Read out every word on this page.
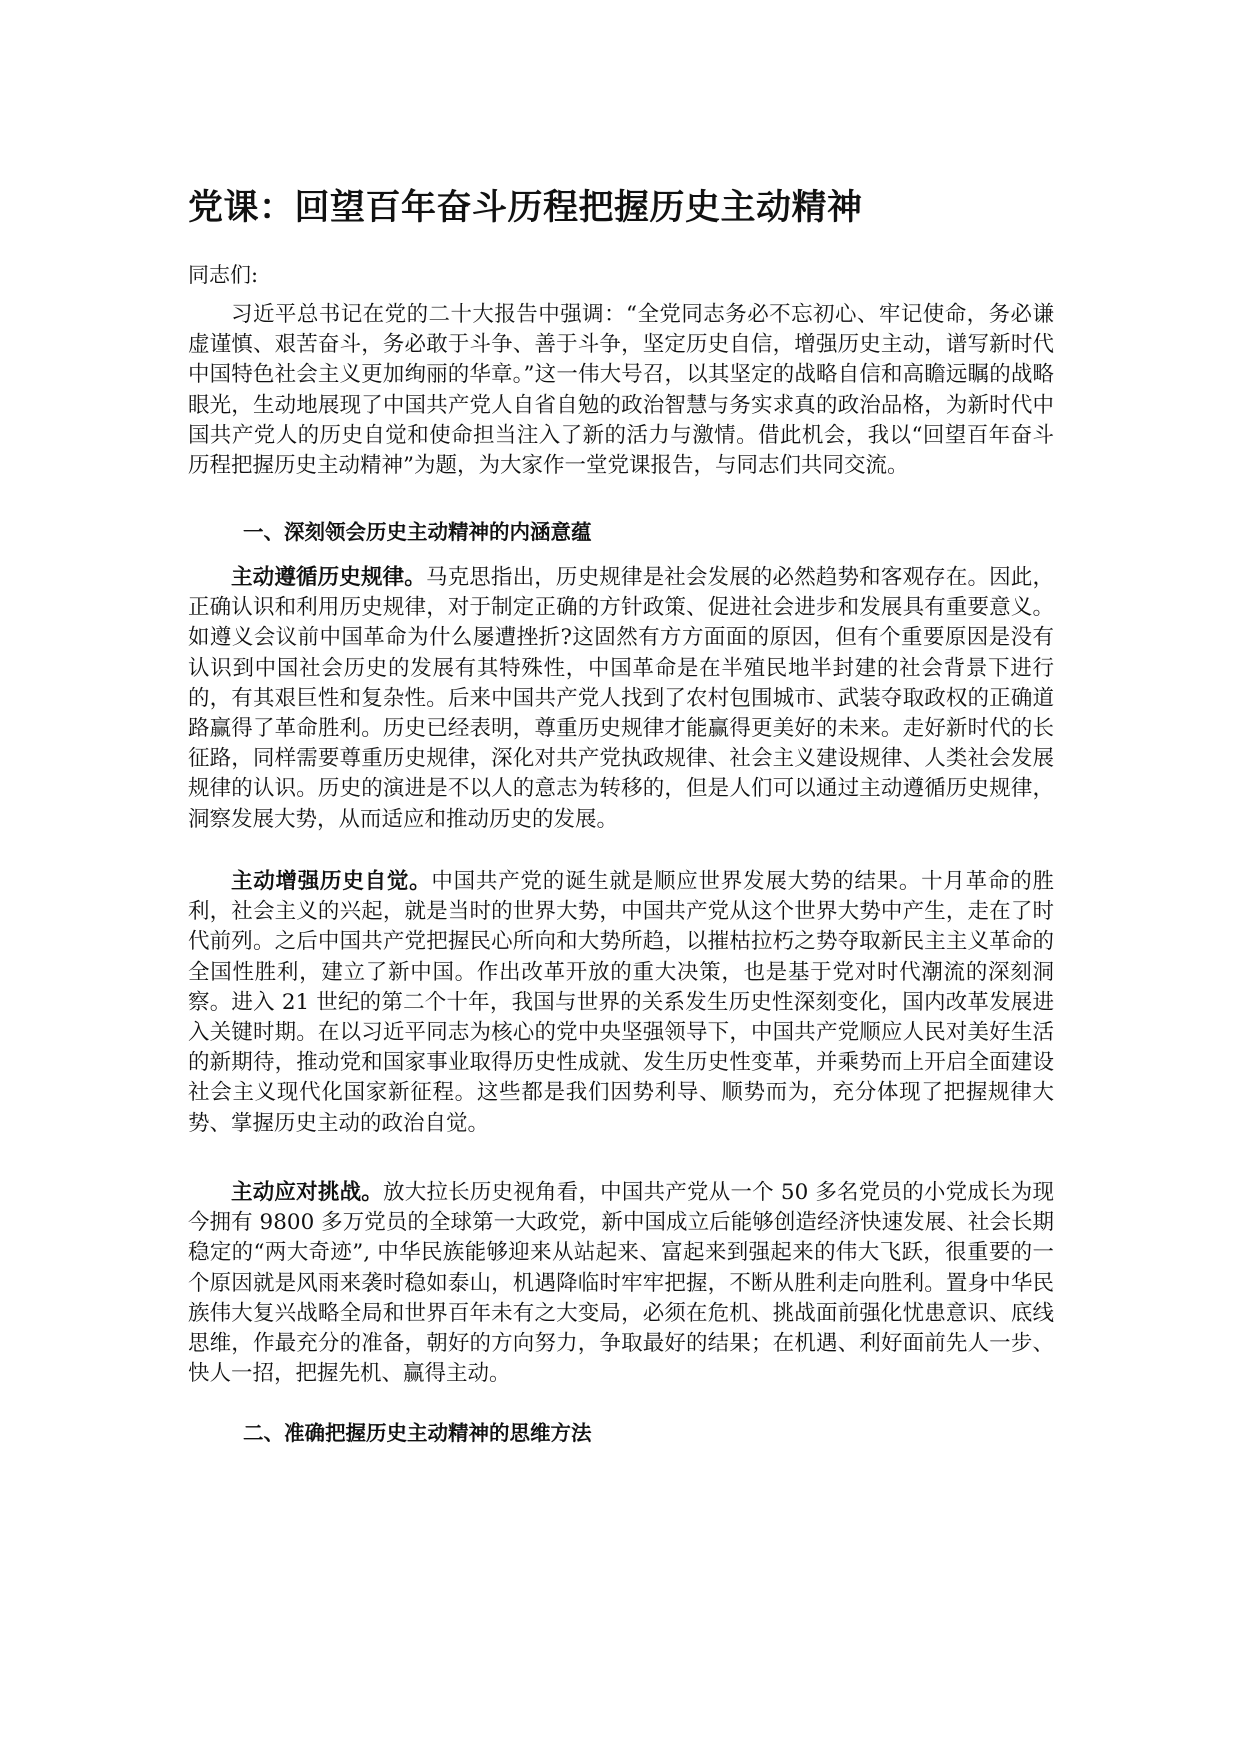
党课：回望百年奋斗历程把握历史主动精神

同志们:

习近平总书记在党的二十大报告中强调：“全党同志务必不忘初心、牢记使命，务必谦虚谨慎、艰苦奋斗，务必敢于斗争、善于斗争，坚定历史自信，增强历史主动，谱写新时代中国特色社会主义更加绚丽的华章。”这一伟大号召，以其坚定的战略自信和高瞻远瞩的战略眼光，生动地展现了中国共产党人自省自勉的政治智慧与务实求真的政治品格，为新时代中国共产党人的历史自觉和使命担当注入了新的活力与激情。借此机会，我以“回望百年奋斗历程把握历史主动精神”为题，为大家作一堂党课报告，与同志们共同交流。

一、深刻领会历史主动精神的内涵意蕴

主动遵循历史规律。马克思指出，历史规律是社会发展的必然趋势和客观存在。因此，正确认识和利用历史规律，对于制定正确的方针政策、促进社会进步和发展具有重要意义。如遵义会议前中国革命为什么屡遭挫折?这固然有方方面面的原因，但有个重要原因是没有认识到中国社会历史的发展有其特殊性，中国革命是在半殖民地半封建的社会背景下进行的，有其艰巨性和复杂性。后来中国共产党人找到了农村包围城市、武装夺取政权的正确道路赢得了革命胜利。历史已经表明，尊重历史规律才能赢得更美好的未来。走好新时代的长征路，同样需要尊重历史规律，深化对共产党执政规律、社会主义建设规律、人类社会发展规律的认识。历史的演进是不以人的意志为转移的，但是人们可以通过主动遵循历史规律，洞察发展大势，从而适应和推动历史的发展。

主动增强历史自觉。中国共产党的诞生就是顺应世界发展大势的结果。十月革命的胜利，社会主义的兴起，就是当时的世界大势，中国共产党从这个世界大势中产生，走在了时代前列。之后中国共产党把握民心所向和大势所趋，以摧枯拉朽之势夺取新民主主义革命的全国性胜利，建立了新中国。作出改革开放的重大决策，也是基于党对时代潮流的深刻洞察。进入 21 世纪的第二个十年，我国与世界的关系发生历史性深刻变化，国内改革发展进入关键时期。在以习近平同志为核心的党中央坚强领导下，中国共产党顺应人民对美好生活的新期待，推动党和国家事业取得历史性成就、发生历史性变革，并乘势而上开启全面建设社会主义现代化国家新征程。这些都是我们因势利导、顺势而为，充分体现了把握规律大势、掌握历史主动的政治自觉。

主动应对挑战。放大拉长历史视角看，中国共产党从一个 50 多名党员的小党成长为现今拥有 9800 多万党员的全球第一大政党，新中国成立后能够创造经济快速发展、社会长期稳定的“两大奇迹”, 中华民族能够迎来从站起来、富起来到强起来的伟大飞跃，很重要的一个原因就是风雨来袭时稳如泰山，机遇降临时牢牢把握，不断从胜利走向胜利。置身中华民族伟大复兴战略全局和世界百年未有之大变局，必须在危机、挑战面前强化忧患意识、底线思维，作最充分的准备，朝好的方向努力，争取最好的结果；在机遇、利好面前先人一步、快人一招，把握先机、赢得主动。

二、准确把握历史主动精神的思维方法
